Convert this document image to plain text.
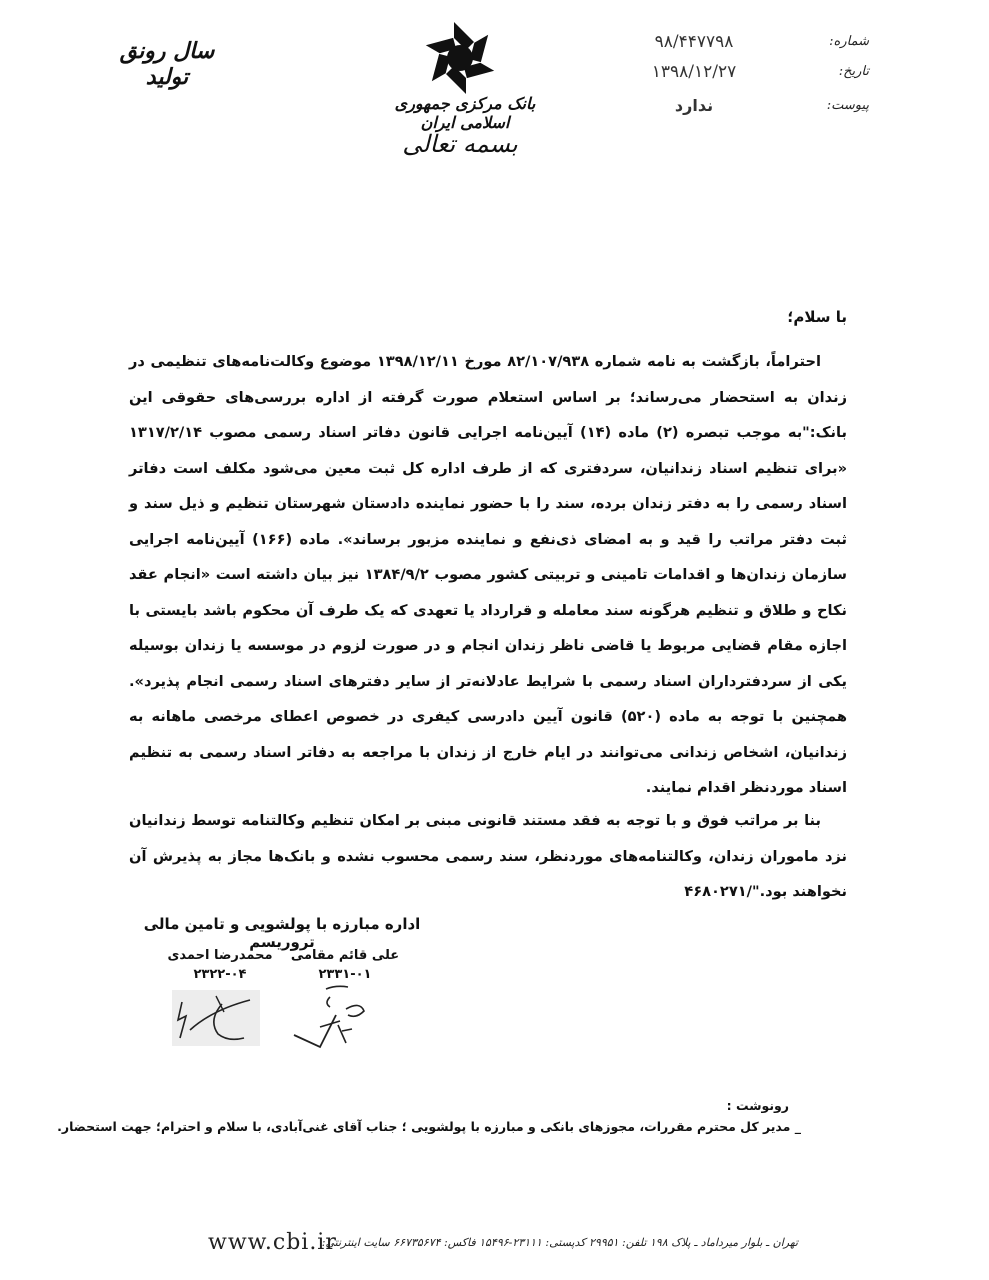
شماره:
۹۸/۴۴۷۷۹۸
تاریخ:
۱۳۹۸/۱۲/۲۷
پیوست:
ندارد
بانک مرکزی جمهوری اسلامی ایران
بسمه تعالی
سال رونق
تولید
با سلام؛
احتراماً، بازگشت به نامه شماره ۸۲/۱۰۷/۹۳۸ مورخ ۱۳۹۸/۱۲/۱۱ موضوع وکالت‌نامه‌های تنظیمی در زندان به استحضار می‌رساند؛ بر اساس استعلام صورت گرفته از اداره بررسی‌های حقوقی این بانک:"به موجب تبصره (۲) ماده (۱۴) آیین‌نامه اجرایی قانون دفاتر اسناد رسمی مصوب ۱۳۱۷/۲/۱۴ «برای تنظیم اسناد زندانیان، سردفتری که از طرف اداره کل ثبت معین می‌شود مکلف است دفاتر اسناد رسمی را به دفتر زندان برده، سند را با حضور نماینده دادستان شهرستان تنظیم و ذیل سند و ثبت دفتر مراتب را قید و به امضای ذی‌نفع و نماینده مزبور برساند». ماده (۱۶۶) آیین‌نامه اجرایی سازمان زندان‌ها و اقدامات تامینی و تربیتی کشور مصوب ۱۳۸۴/۹/۲ نیز بیان داشته است «انجام عقد نکاح و طلاق و تنظیم هرگونه سند معامله و قرارداد یا تعهدی که یک طرف آن محکوم باشد بایستی با اجازه مقام قضایی مربوط یا قاضی ناظر زندان انجام و در صورت لزوم در موسسه یا زندان بوسیله یکی از سردفترداران اسناد رسمی با شرایط عادلانه‌تر از سایر دفترهای اسناد رسمی انجام پذیرد». همچنین با توجه به ماده (۵۲۰) قانون آیین دادرسی کیفری در خصوص اعطای مرخصی ماهانه به زندانیان، اشخاص زندانی می‌توانند در ایام خارج از زندان با مراجعه به دفاتر اسناد رسمی به تنظیم اسناد موردنظر اقدام نمایند.
بنا بر مراتب فوق و با توجه به فقد مستند قانونی مبنی بر امکان تنظیم وکالتنامه توسط زندانیان نزد ماموران زندان، وکالتنامه‌های موردنظر، سند رسمی محسوب نشده و بانک‌ها مجاز به پذیرش آن نخواهند بود."/۴۶۸۰۲۷۱
اداره مبارزه با پولشویی و تامین مالی تروریسم
علی قائم مقامی
۲۳۳۱-۰۱
محمدرضا احمدی
۲۳۲۲-۰۴
رونوشت :
_ مدیر کل محترم مقررات، مجوزهای بانکی و مبارزه با پولشویی ؛ جناب آقای غنی‌آبادی، با سلام و احترام؛ جهت استحضار.
www.cbi.ir
تهران ـ بلوار میرداماد ـ پلاک ۱۹۸ تلفن: ۲۹۹۵۱ کدپستی: ۲۳۱۱۱-۱۵۴۹۶ فاکس: ۶۶۷۳۵۶۷۴ سایت اینترنتی:
